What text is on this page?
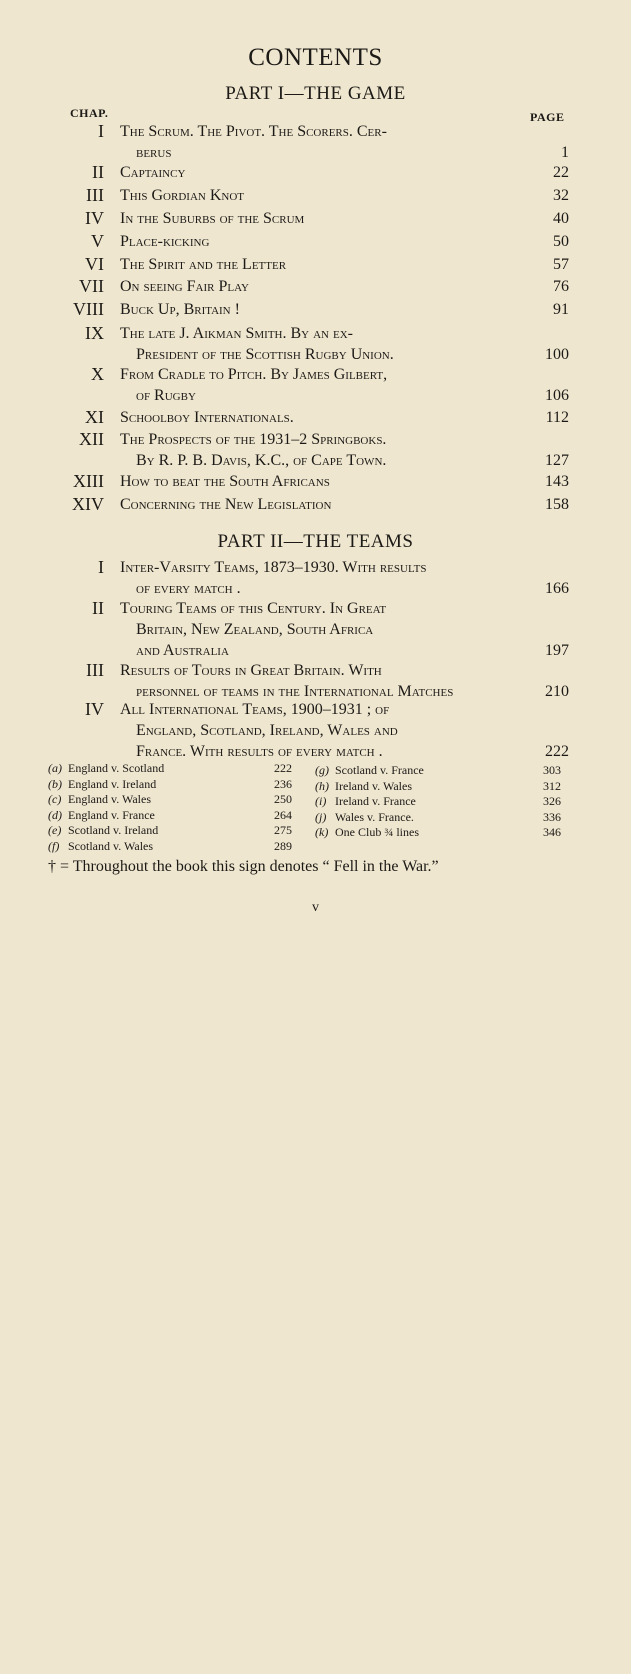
CONTENTS
PART I—THE GAME
CHAP.	PAGE
I The Scrum. The Pivot. The Scorers. Cer-
berus	1
II Captaincy	22
III This Gordian Knot	32
IV In the Suburbs of the Scrum	40
V Place-kicking	50
VI The Spirit and the Letter	57
VII On seeing Fair Play	76
VIII Buck Up, Britain !	91
IX The late J. Aikman Smith. By an ex-
President of the Scottish Rugby Union.	100
X From Cradle to Pitch. By James Gilbert,
of Rugby	106
XI Schoolboy Internationals.	112
XII The Prospects of the 1931–2 Springboks.
By R. P. B. Davis, K.C., of Cape Town.	127
XIII How to beat the South Africans	143
XIV Concerning the New Legislation	158
PART II—THE TEAMS
I Inter-Varsity Teams, 1873–1930. With results
of every match .	166
II Touring Teams of this Century. In Great
Britain, New Zealand, South Africa
and Australia	197
III Results of Tours in Great Britain. With
personnel of teams in the International Matches	210
IV All International Teams, 1900–1931 ; of
England, Scotland, Ireland, Wales and
France. With results of every match .	222
(a) England v. Scotland	222
(b) England v. Ireland	236
(c) England v. Wales	250
(d) England v. France	264
(e) Scotland v. Ireland	275
(f) Scotland v. Wales	289
(g) Scotland v. France	303
(h) Ireland v. Wales	312
(i) Ireland v. France	326
(j) Wales v. France.	336
(k) One Club ¾ lines	346
† = Throughout the book this sign denotes “ Fell in the War.”
v
